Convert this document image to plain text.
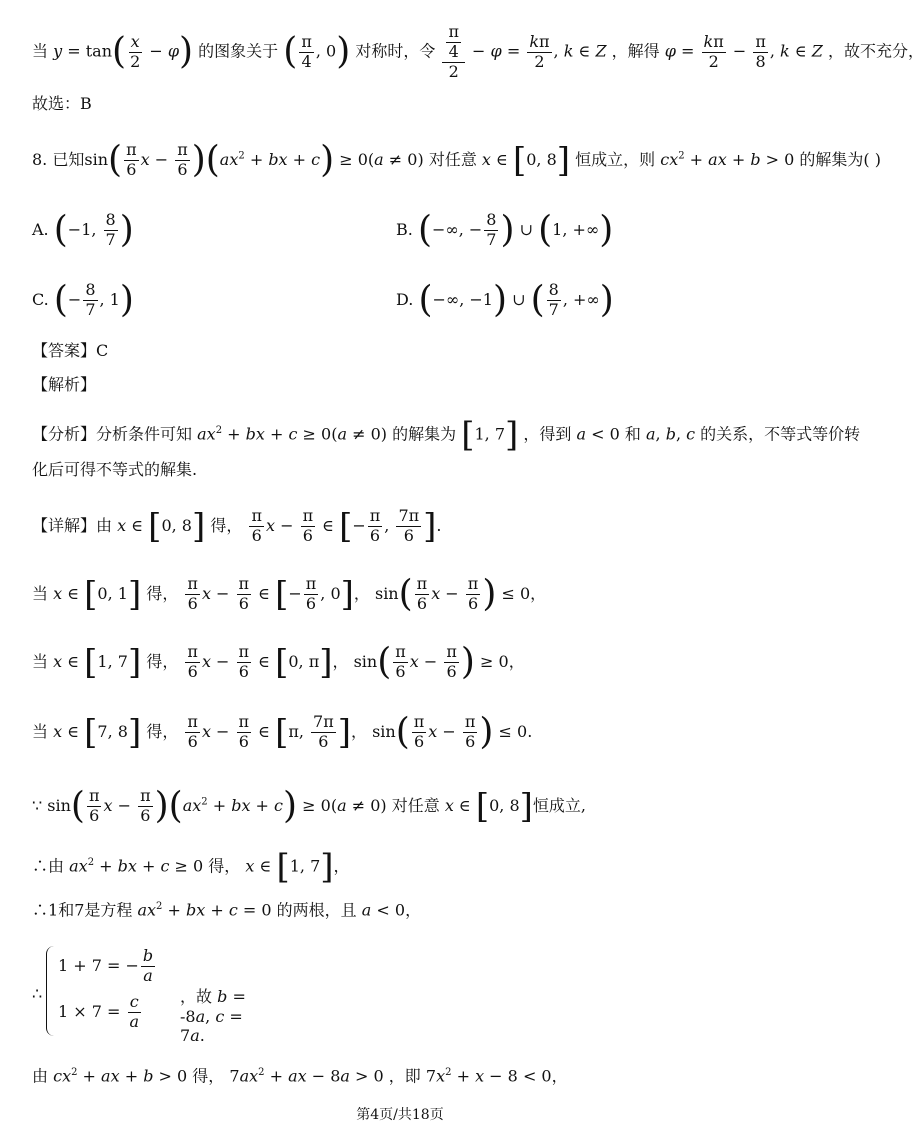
当 $y = \tan( \frac{x}{2} - \varphi)$ 的图象关于 ( $\frac{\pi}{4}$ , 0) 对称时，令 $\frac{\frac{\pi}{4}}{2} - \varphi = \frac{k\pi}{2}$ , k ∈ Z ，解得 $\varphi = \frac{k\pi}{2} - \frac{\pi}{8}$ , k ∈ Z ，故不充分，
故选：B
8. 已知$\sin( \frac{\pi}{6}$ $x - \frac{\pi}{6} )(ax^2$ + bx + c) ≥ 0(a ≠ 0) 对任意 x ∈ [0, 8] 恒成立，则 $cx^2$ + ax + b > 0 的解集为( )
A. (−1, $\frac{8}{7}$ )	B. (−∞, − $\frac{8}{7}$ ) ∪ (1, +∞)
C. (− $\frac{8}{7}$ , 1)	D. (−∞, −1) ∪ ( $\frac{8}{7}$ , +∞)
【答案】C
【解析】
【分析】分析条件可知 $ax^2$ + bx + c ≥ 0(a ≠ 0) 的解集为 [1, 7] ，得到 a < 0 和 a, b, c 的关系，不等式等价转
化后可得不等式的解集.
【详解】由 x ∈ [0, 8] 得， $\frac{\pi}{6}$ $x - \frac{\pi}{6}$ ∈ [− $\frac{\pi}{6}$ , $\frac{7\pi}{6}$ ].
当 x ∈ [0, 1] 得， $\frac{\pi}{6}$ $x - \frac{\pi}{6}$ ∈ [− $\frac{\pi}{6}$ , 0]， $\sin( \frac{\pi}{6}$ $x - \frac{\pi}{6}$ ) ≤ 0，
当 x ∈ [1, 7] 得， $\frac{\pi}{6}$ $x - \frac{\pi}{6}$ ∈ [0, π]， $\sin( \frac{\pi}{6}$ $x - \frac{\pi}{6}$ ) ≥ 0，
当 x ∈ [7, 8] 得， $\frac{\pi}{6}$ $x - \frac{\pi}{6}$ ∈ [π, $\frac{7\pi}{6}$ ]， $\sin( \frac{\pi}{6}$ $x - \frac{\pi}{6}$ ) ≤ 0.
∵ $\sin( \frac{\pi}{6}$ $x - \frac{\pi}{6} )(ax^2$ + bx + c) ≥ 0(a ≠ 0) 对任意 x ∈ [0, 8]恒成立,
∴由 $ax^2$ + bx + c ≥ 0 得， x ∈ [1, 7]，
∴1和7是方程 $ax^2$ + bx + c = 0 的两根，且 a < 0，
∴
1 + 7 = − $\frac{b}{a}$
$1 \times 7 = \frac{c}{a}$ ，故 b = -8a, c = 7a.
由 $cx^2$ + ax + b > 0 得， $7ax^2$ + ax − 8a > 0 ，即 $7x^2 + x - 8 < 0$，
第4页/共18页
